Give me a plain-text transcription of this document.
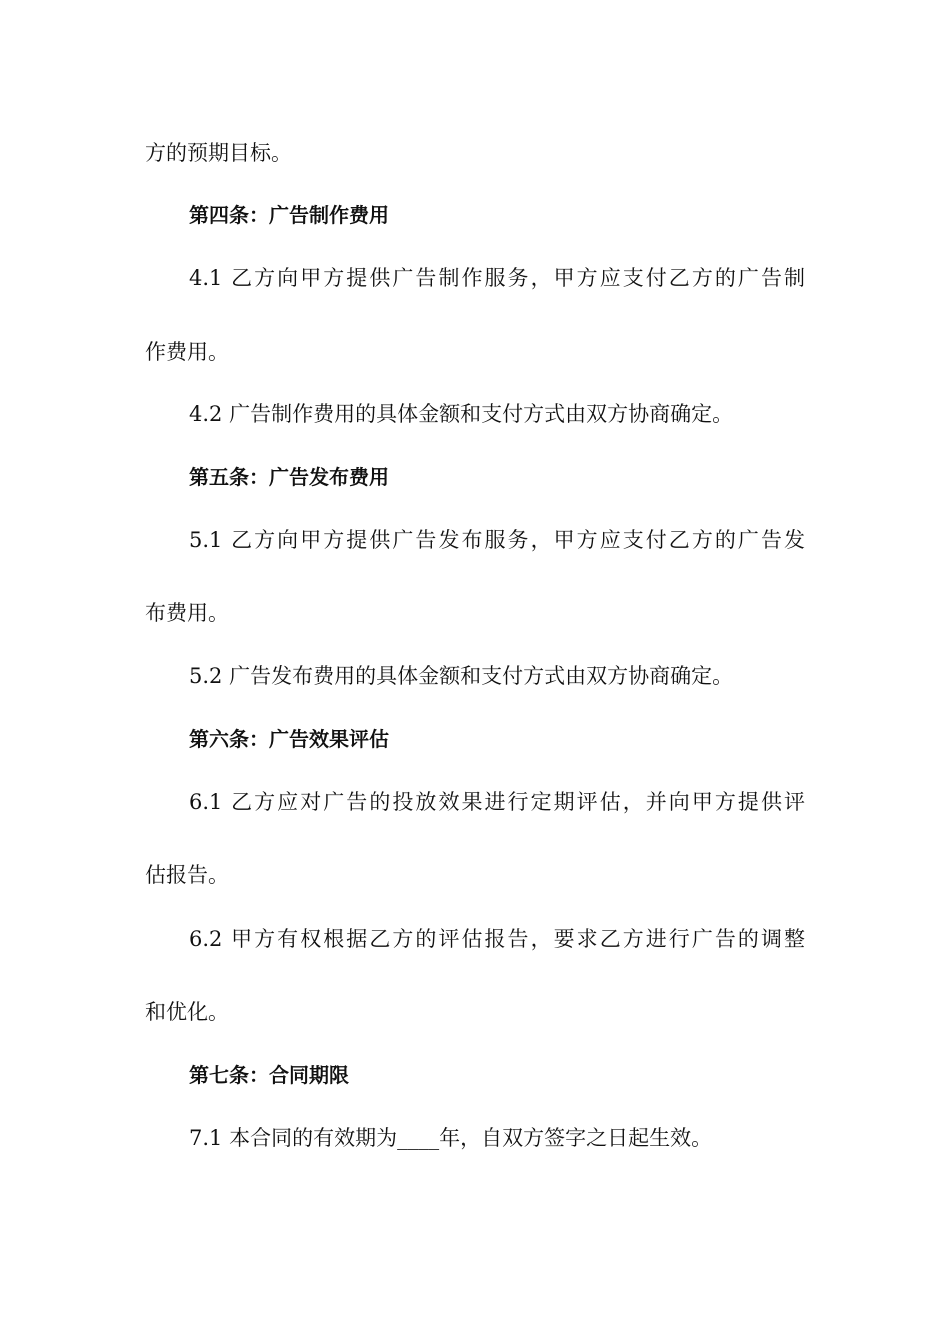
方的预期目标。
第四条：广告制作费用
4.1 乙方向甲方提供广告制作服务，甲方应支付乙方的广告制
作费用。
4.2 广告制作费用的具体金额和支付方式由双方协商确定。
第五条：广告发布费用
5.1 乙方向甲方提供广告发布服务，甲方应支付乙方的广告发
布费用。
5.2 广告发布费用的具体金额和支付方式由双方协商确定。
第六条：广告效果评估
6.1 乙方应对广告的投放效果进行定期评估，并向甲方提供评
估报告。
6.2 甲方有权根据乙方的评估报告，要求乙方进行广告的调整
和优化。
第七条：合同期限
7.1 本合同的有效期为____年，自双方签字之日起生效。
